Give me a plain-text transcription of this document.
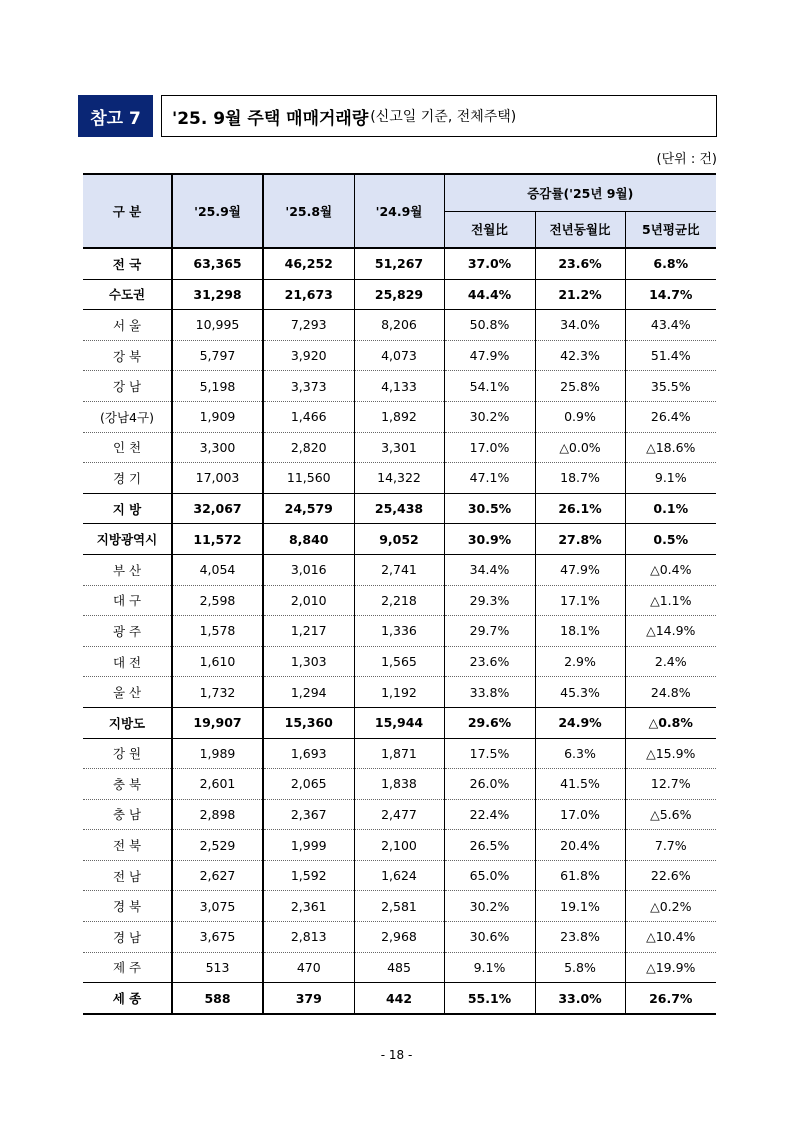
참고 7	'25. 9월 주택 매매거래량 (신고일 기준, 전체주택)
(단위 : 건)
구 분	'25.9월	'25.8월	'24.9월	증감률('25년 9월)		
				전월比	전년동월比	5년평균比
전 국	63,365	46,252	51,267	37.0%	23.6%	6.8%
수도권	31,298	21,673	25,829	44.4%	21.2%	14.7%
서 울	10,995	7,293	8,206	50.8%	34.0%	43.4%
강 북	5,797	3,920	4,073	47.9%	42.3%	51.4%
강 남	5,198	3,373	4,133	54.1%	25.8%	35.5%
(강남4구)	1,909	1,466	1,892	30.2%	0.9%	26.4%
인 천	3,300	2,820	3,301	17.0%	△0.0%	△18.6%
경 기	17,003	11,560	14,322	47.1%	18.7%	9.1%
지 방	32,067	24,579	25,438	30.5%	26.1%	0.1%
지방광역시	11,572	8,840	9,052	30.9%	27.8%	0.5%
부 산	4,054	3,016	2,741	34.4%	47.9%	△0.4%
대 구	2,598	2,010	2,218	29.3%	17.1%	△1.1%
광 주	1,578	1,217	1,336	29.7%	18.1%	△14.9%
대 전	1,610	1,303	1,565	23.6%	2.9%	2.4%
울 산	1,732	1,294	1,192	33.8%	45.3%	24.8%
지방도	19,907	15,360	15,944	29.6%	24.9%	△0.8%
강 원	1,989	1,693	1,871	17.5%	6.3%	△15.9%
충 북	2,601	2,065	1,838	26.0%	41.5%	12.7%
충 남	2,898	2,367	2,477	22.4%	17.0%	△5.6%
전 북	2,529	1,999	2,100	26.5%	20.4%	7.7%
전 남	2,627	1,592	1,624	65.0%	61.8%	22.6%
경 북	3,075	2,361	2,581	30.2%	19.1%	△0.2%
경 남	3,675	2,813	2,968	30.6%	23.8%	△10.4%
제 주	513	470	485	9.1%	5.8%	△19.9%
세 종	588	379	442	55.1%	33.0%	26.7%
- 18 -
